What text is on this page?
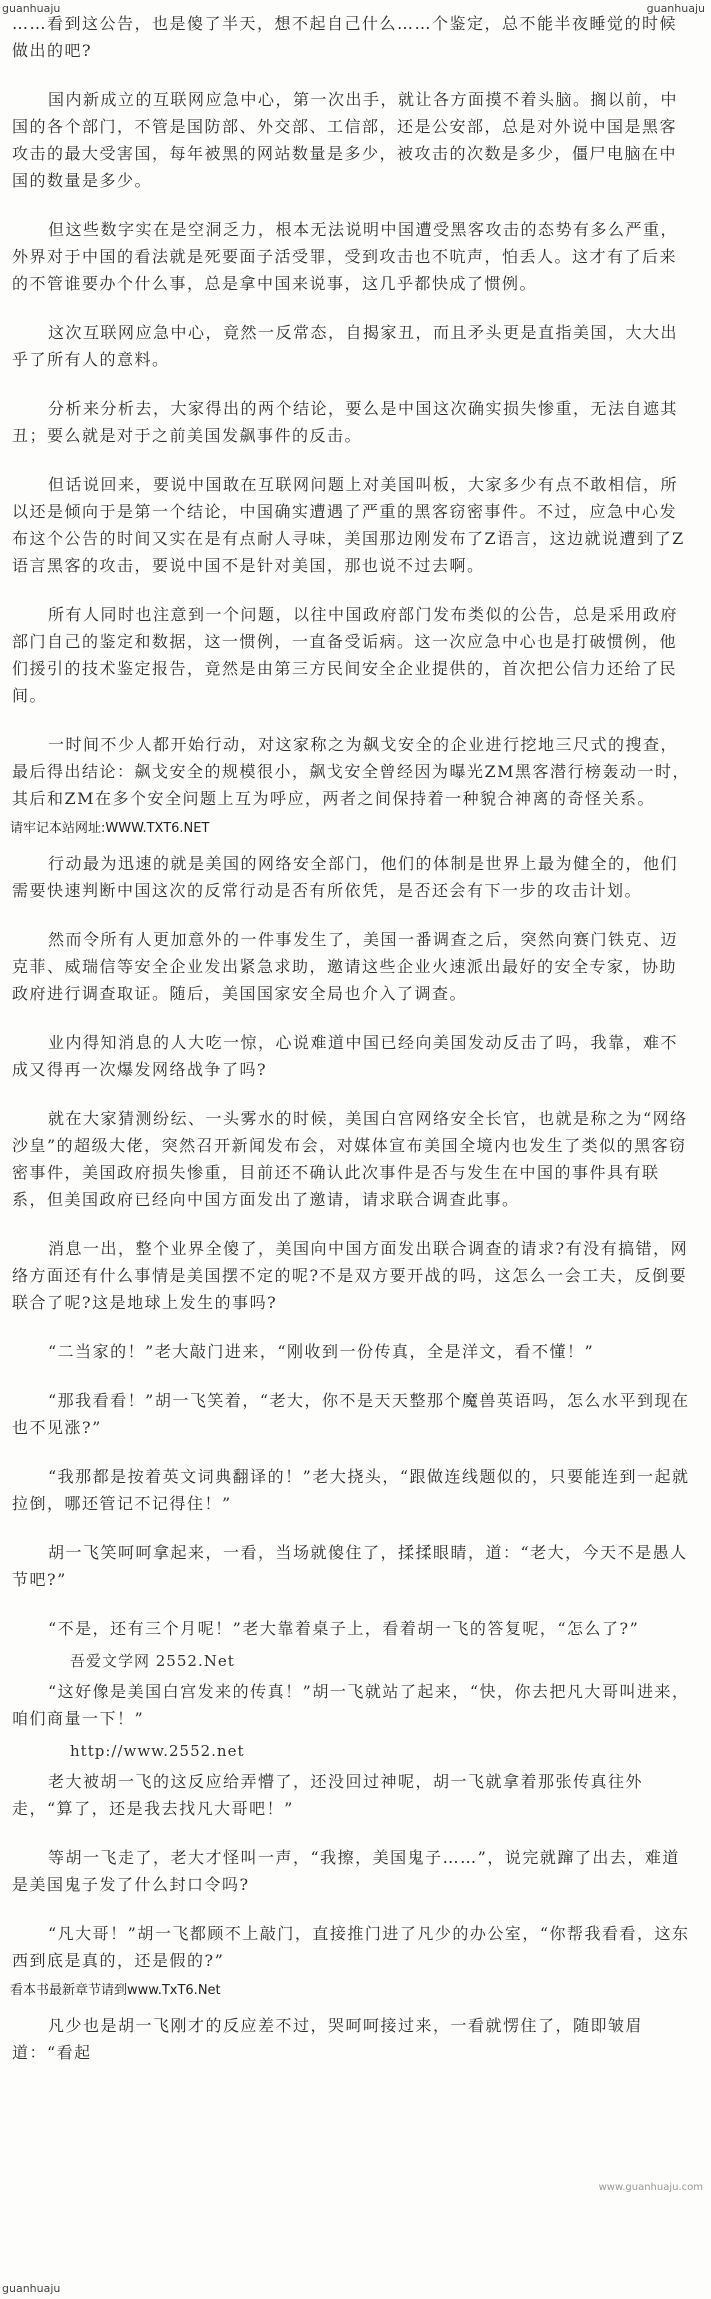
guanhuaju	guanhuaju

……看到这公告，也是傻了半天，想不起自己什么……个鉴定，总不能半夜睡觉的时候做出的吧?

国内新成立的互联网应急中心，第一次出手，就让各方面摸不着头脑。搁以前，中国的各个部门，不管是国防部、外交部、工信部，还是公安部，总是对外说中国是黑客攻击的最大受害国，每年被黑的网站数量是多少，被攻击的次数是多少，僵尸电脑在中国的数量是多少。

但这些数字实在是空洞乏力，根本无法说明中国遭受黑客攻击的态势有多么严重，外界对于中国的看法就是死要面子活受罪，受到攻击也不吭声，怕丢人。这才有了后来的不管谁要办个什么事，总是拿中国来说事，这几乎都快成了惯例。

这次互联网应急中心，竟然一反常态，自揭家丑，而且矛头更是直指美国，大大出乎了所有人的意料。

分析来分析去，大家得出的两个结论，要么是中国这次确实损失惨重，无法自遮其丑；要么就是对于之前美国发飙事件的反击。

但话说回来，要说中国敢在互联网问题上对美国叫板，大家多少有点不敢相信，所以还是倾向于是第一个结论，中国确实遭遇了严重的黑客窃密事件。不过，应急中心发布这个公告的时间又实在是有点耐人寻味，美国那边刚发布了Z语言，这边就说遭到了Z语言黑客的攻击，要说中国不是针对美国，那也说不过去啊。

所有人同时也注意到一个问题，以往中国政府部门发布类似的公告，总是采用政府部门自己的鉴定和数据，这一惯例，一直备受诟病。这一次应急中心也是打破惯例，他们援引的技术鉴定报告，竟然是由第三方民间安全企业提供的，首次把公信力还给了民间。

一时间不少人都开始行动，对这家称之为飙戈安全的企业进行挖地三尺式的搜查，最后得出结论：飙戈安全的规模很小，飙戈安全曾经因为曝光ZM黑客潜行榜轰动一时，其后和ZM在多个安全问题上互为呼应，两者之间保持着一种貌合神离的奇怪关系。

请牢记本站网址:WWW.TXT6.NET

行动最为迅速的就是美国的网络安全部门，他们的体制是世界上最为健全的，他们需要快速判断中国这次的反常行动是否有所依凭，是否还会有下一步的攻击计划。

然而令所有人更加意外的一件事发生了，美国一番调查之后，突然向赛门铁克、迈克菲、威瑞信等安全企业发出紧急求助，邀请这些企业火速派出最好的安全专家，协助政府进行调查取证。随后，美国国家安全局也介入了调查。

业内得知消息的人大吃一惊，心说难道中国已经向美国发动反击了吗，我靠，难不成又得再一次爆发网络战争了吗?

就在大家猜测纷纭、一头雾水的时候，美国白宫网络安全长官，也就是称之为“网络沙皇”的超级大佬，突然召开新闻发布会，对媒体宣布美国全境内也发生了类似的黑客窃密事件，美国政府损失惨重，目前还不确认此次事件是否与发生在中国的事件具有联系，但美国政府已经向中国方面发出了邀请，请求联合调查此事。

消息一出，整个业界全傻了，美国向中国方面发出联合调查的请求?有没有搞错，网络方面还有什么事情是美国摆不定的呢?不是双方要开战的吗，这怎么一会工夫，反倒要联合了呢?这是地球上发生的事吗?

“二当家的！”老大敲门进来，“刚收到一份传真，全是洋文，看不懂！”

“那我看看！”胡一飞笑着，“老大，你不是天天整那个魔兽英语吗，怎么水平到现在也不见涨?”

“我那都是按着英文词典翻译的！”老大挠头，“跟做连线题似的，只要能连到一起就拉倒，哪还管记不记得住！”

胡一飞笑呵呵拿起来，一看，当场就傻住了，揉揉眼睛，道：“老大，今天不是愚人节吧?”

“不是，还有三个月呢！”老大靠着桌子上，看着胡一飞的答复呢，“怎么了?”

吾爱文学网 2552.Net

“这好像是美国白宫发来的传真！”胡一飞就站了起来，“快，你去把凡大哥叫进来，咱们商量一下！”

http://www.2552.net

老大被胡一飞的这反应给弄懵了，还没回过神呢，胡一飞就拿着那张传真往外走，“算了，还是我去找凡大哥吧！”

等胡一飞走了，老大才怪叫一声，“我擦，美国鬼子……”，说完就蹿了出去，难道是美国鬼子发了什么封口令吗?

“凡大哥！”胡一飞都顾不上敲门，直接推门进了凡少的办公室，“你帮我看看，这东西到底是真的，还是假的?”

看本书最新章节请到www.TxT6.Net

凡少也是胡一飞刚才的反应差不过，哭呵呵接过来，一看就愣住了，随即皱眉道：“看起

www.guanhuaju.com
guanhuaju
